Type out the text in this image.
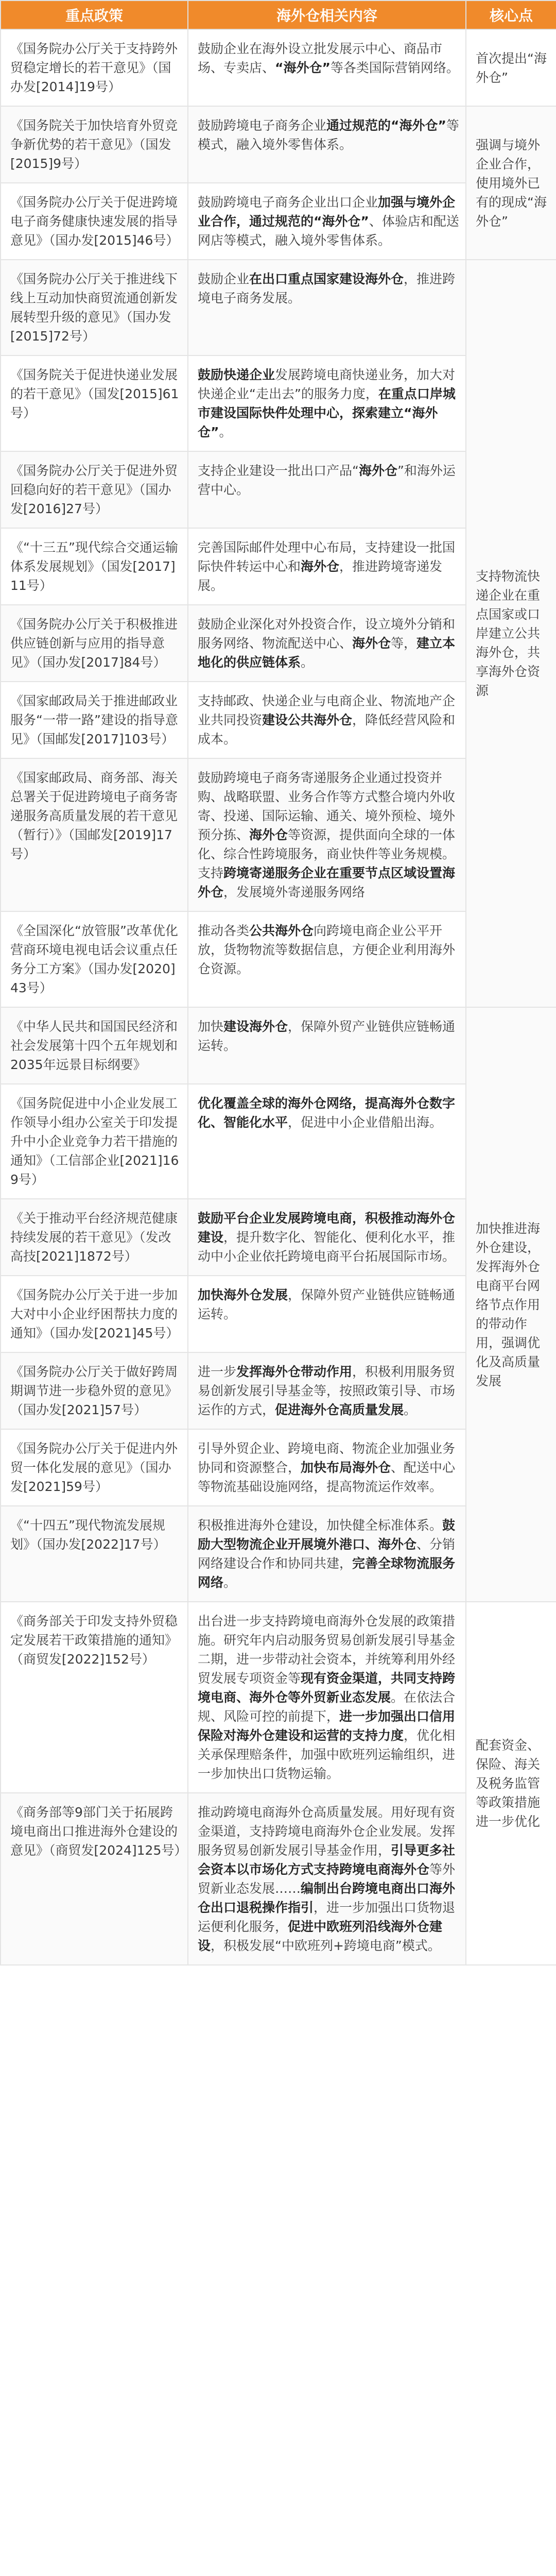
重点政策	海外仓相关内容	核心点
《国务院办公厅关于支持跨外贸稳定增长的若干意见》（国办发[2014]19号）	鼓励企业在海外设立批发展示中心、商品市场、专卖店、“海外仓”等各类国际营销网络。	首次提出“海外仓”
《国务院关于加快培育外贸竞争新优势的若干意见》（国发[2015]9号）	鼓励跨境电子商务企业通过规范的“海外仓”等模式，融入境外零售体系。	强调与境外企业合作，使用境外已有的现成“海外仓”
《国务院办公厅关于促进跨境电子商务健康快速发展的指导意见》（国办发[2015]46号）	鼓励跨境电子商务企业出口企业加强与境外企业合作，通过规范的“海外仓”、体验店和配送网店等模式，融入境外零售体系。	
《国务院办公厅关于推进线下线上互动加快商贸流通创新发展转型升级的意见》（国办发[2015]72号）	鼓励企业在出口重点国家建设海外仓，推进跨境电子商务发展。	支持物流快递企业在重点国家或口岸建立公共海外仓，共享海外仓资源
《国务院关于促进快递业发展的若干意见》（国发[2015]61号）	鼓励快递企业发展跨境电商快递业务，加大对快递企业“走出去”的服务力度，在重点口岸城市建设国际快件处理中心，探索建立“海外仓”。	
《国务院办公厅关于促进外贸回稳向好的若干意见》（国办发[2016]27号）	支持企业建设一批出口产品“海外仓”和海外运营中心。	
《“十三五”现代综合交通运输体系发展规划》（国发[2017]11号）	完善国际邮件处理中心布局，支持建设一批国际快件转运中心和海外仓，推进跨境寄递发展。	
《国务院办公厅关于积极推进供应链创新与应用的指导意见》（国办发[2017]84号）	鼓励企业深化对外投资合作，设立境外分销和服务网络、物流配送中心、海外仓等，建立本地化的供应链体系。	
《国家邮政局关于推进邮政业服务“一带一路”建设的指导意见》（国邮发[2017]103号）	支持邮政、快递企业与电商企业、物流地产企业共同投资建设公共海外仓，降低经营风险和成本。	
《国家邮政局、商务部、海关总署关于促进跨境电子商务寄递服务高质量发展的若干意见（暂行）》（国邮发[2019]17号）	鼓励跨境电子商务寄递服务企业通过投资并购、战略联盟、业务合作等方式整合境内外收寄、投递、国际运输、通关、境外预检、境外预分拣、海外仓等资源，提供面向全球的一体化、综合性跨境服务，商业快件等业务规模。支持跨境寄递服务企业在重要节点区域设置海外仓，发展境外寄递服务网络	
《全国深化“放管服”改革优化营商环境电视电话会议重点任务分工方案》（国办发[2020]43号）	推动各类公共海外仓向跨境电商企业公平开放，货物物流等数据信息，方便企业利用海外仓资源。	
《中华人民共和国国民经济和社会发展第十四个五年规划和2035年远景目标纲要》	加快建设海外仓，保障外贸产业链供应链畅通运转。	加快推进海外仓建设，发挥海外仓电商平台网络节点作用的带动作用，强调优化及高质量发展
《国务院促进中小企业发展工作领导小组办公室关于印发提升中小企业竞争力若干措施的通知》（工信部企业[2021]169号）	优化覆盖全球的海外仓网络，提高海外仓数字化、智能化水平，促进中小企业借船出海。	
《关于推动平台经济规范健康持续发展的若干意见》（发改高技[2021]1872号）	鼓励平台企业发展跨境电商，积极推动海外仓建设，提升数字化、智能化、便利化水平，推动中小企业依托跨境电商平台拓展国际市场。	
《国务院办公厅关于进一步加大对中小企业纾困帮扶力度的通知》（国办发[2021]45号）	加快海外仓发展，保障外贸产业链供应链畅通运转。	
《国务院办公厅关于做好跨周期调节进一步稳外贸的意见》（国办发[2021]57号）	进一步发挥海外仓带动作用，积极利用服务贸易创新发展引导基金等，按照政策引导、市场运作的方式，促进海外仓高质量发展。	
《国务院办公厅关于促进内外贸一体化发展的意见》（国办发[2021]59号）	引导外贸企业、跨境电商、物流企业加强业务协同和资源整合，加快布局海外仓、配送中心等物流基础设施网络，提高物流运作效率。	
《“十四五”现代物流发展规划》（国办发[2022]17号）	积极推进海外仓建设，加快健全标准体系。鼓励大型物流企业开展境外港口、海外仓、分销网络建设合作和协同共建，完善全球物流服务网络。	
《商务部关于印发支持外贸稳定发展若干政策措施的通知》（商贸发[2022]152号）	出台进一步支持跨境电商海外仓发展的政策措施。研究年内启动服务贸易创新发展引导基金二期，进一步带动社会资本，并统筹利用外经贸发展专项资金等现有资金渠道，共同支持跨境电商、海外仓等外贸新业态发展。在依法合规、风险可控的前提下，进一步加强出口信用保险对海外仓建设和运营的支持力度，优化相关承保理赔条件，加强中欧班列运输组织，进一步加快出口货物运输。	配套资金、保险、海关及税务监管等政策措施进一步优化
《商务部等9部门关于拓展跨境电商出口推进海外仓建设的意见》（商贸发[2024]125号）	推动跨境电商海外仓高质量发展。用好现有资金渠道，支持跨境电商海外仓企业发展。发挥服务贸易创新发展引导基金作用，引导更多社会资本以市场化方式支持跨境电商海外仓等外贸新业态发展……编制出台跨境电商出口海外仓出口退税操作指引，进一步加强出口货物退运便利化服务，促进中欧班列沿线海外仓建设，积极发展“中欧班列+跨境电商”模式。	
